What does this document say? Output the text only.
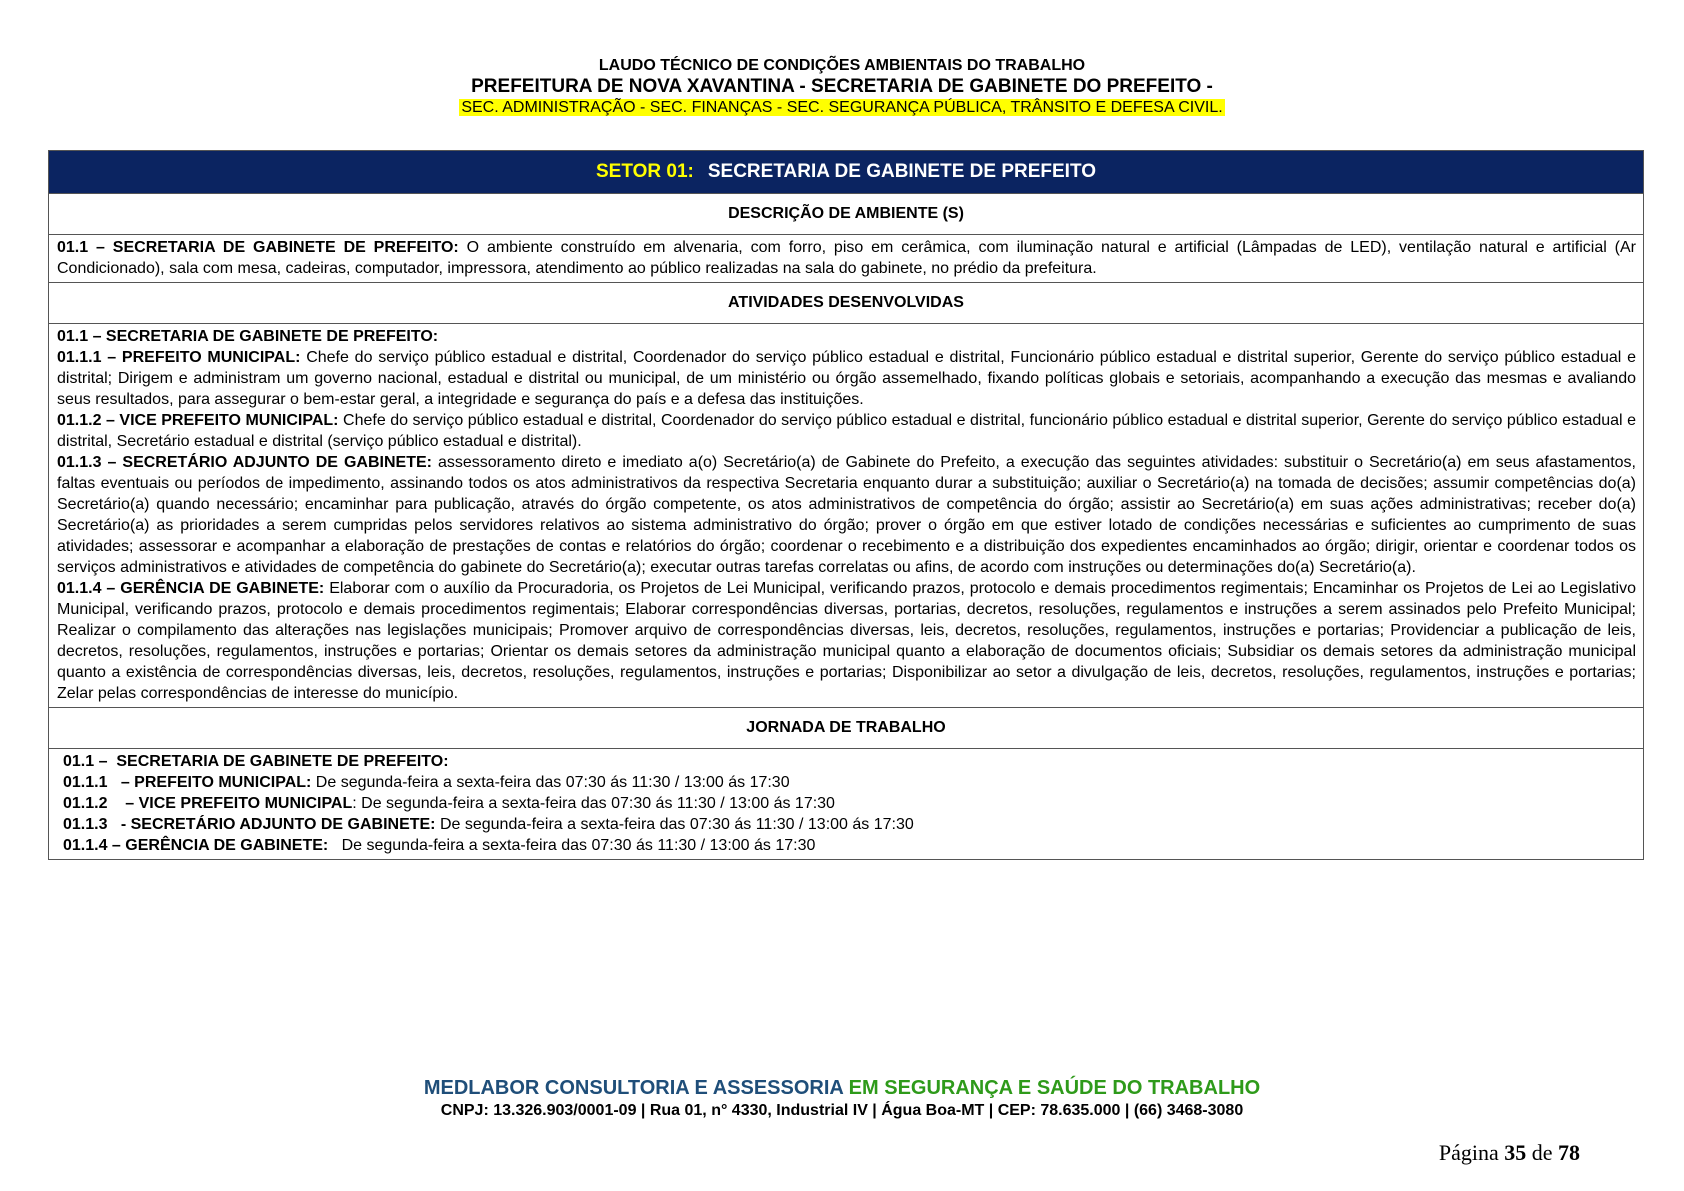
LAUDO TÉCNICO DE CONDIÇÕES AMBIENTAIS DO TRABALHO
PREFEITURA DE NOVA XAVANTINA - SECRETARIA DE GABINETE DO PREFEITO -
SEC. ADMINISTRAÇÃO - SEC. FINANÇAS - SEC. SEGURANÇA PÚBLICA, TRÂNSITO E DEFESA CIVIL.
SETOR 01: SECRETARIA DE GABINETE DE PREFEITO
DESCRIÇÃO DE AMBIENTE (S)

01.1 – SECRETARIA DE GABINETE DE PREFEITO: O ambiente construído em alvenaria, com forro, piso em cerâmica, com iluminação natural e artificial (Lâmpadas de LED), ventilação natural e artificial (Ar Condicionado), sala com mesa, cadeiras, computador, impressora, atendimento ao público realizadas na sala do gabinete, no prédio da prefeitura.

ATIVIDADES DESENVOLVIDAS

01.1 – SECRETARIA DE GABINETE DE PREFEITO:

01.1.1 – PREFEITO MUNICIPAL: Chefe do serviço público estadual e distrital, Coordenador do serviço público estadual e distrital, Funcionário público estadual e distrital superior, Gerente do serviço público estadual e distrital; Dirigem e administram um governo nacional, estadual e distrital ou municipal, de um ministério ou órgão assemelhado, fixando políticas globais e setoriais, acompanhando a execução das mesmas e avaliando seus resultados, para assegurar o bem-estar geral, a integridade e segurança do país e a defesa das instituições.

01.1.2 – VICE PREFEITO MUNICIPAL: Chefe do serviço público estadual e distrital, Coordenador do serviço público estadual e distrital, funcionário público estadual e distrital superior, Gerente do serviço público estadual e distrital, Secretário estadual e distrital (serviço público estadual e distrital).

01.1.3 – SECRETÁRIO ADJUNTO DE GABINETE: assessoramento direto e imediato a(o) Secretário(a) de Gabinete do Prefeito, a execução das seguintes atividades: substituir o Secretário(a) em seus afastamentos, faltas eventuais ou períodos de impedimento, assinando todos os atos administrativos da respectiva Secretaria enquanto durar a substituição; auxiliar o Secretário(a) na tomada de decisões; assumir competências do(a) Secretário(a) quando necessário; encaminhar para publicação, através do órgão competente, os atos administrativos de competência do órgão; assistir ao Secretário(a) em suas ações administrativas; receber do(a) Secretário(a) as prioridades a serem cumpridas pelos servidores relativos ao sistema administrativo do órgão; prover o órgão em que estiver lotado de condições necessárias e suficientes ao cumprimento de suas atividades; assessorar e acompanhar a elaboração de prestações de contas e relatórios do órgão; coordenar o recebimento e a distribuição dos expedientes encaminhados ao órgão; dirigir, orientar e coordenar todos os serviços administrativos e atividades de competência do gabinete do Secretário(a); executar outras tarefas correlatas ou afins, de acordo com instruções ou determinações do(a) Secretário(a).

01.1.4 – GERÊNCIA DE GABINETE: Elaborar com o auxílio da Procuradoria, os Projetos de Lei Municipal, verificando prazos, protocolo e demais procedimentos regimentais; Encaminhar os Projetos de Lei ao Legislativo Municipal, verificando prazos, protocolo e demais procedimentos regimentais; Elaborar correspondências diversas, portarias, decretos, resoluções, regulamentos e instruções a serem assinados pelo Prefeito Municipal; Realizar o compilamento das alterações nas legislações municipais; Promover arquivo de correspondências diversas, leis, decretos, resoluções, regulamentos, instruções e portarias; Providenciar a publicação de leis, decretos, resoluções, regulamentos, instruções e portarias; Orientar os demais setores da administração municipal quanto a elaboração de documentos oficiais; Subsidiar os demais setores da administração municipal quanto a existência de correspondências diversas, leis, decretos, resoluções, regulamentos, instruções e portarias; Disponibilizar ao setor a divulgação de leis, decretos, resoluções, regulamentos, instruções e portarias; Zelar pelas correspondências de interesse do município.

JORNADA DE TRABALHO

01.1 –  SECRETARIA DE GABINETE DE PREFEITO:

01.1.1   – PREFEITO MUNICIPAL: De segunda-feira a sexta-feira das 07:30 ás 11:30 / 13:00 ás 17:30

01.1.2    – VICE PREFEITO MUNICIPAL: De segunda-feira a sexta-feira das 07:30 ás 11:30 / 13:00 ás 17:30

01.1.3   - SECRETÁRIO ADJUNTO DE GABINETE: De segunda-feira a sexta-feira das 07:30 ás 11:30 / 13:00 ás 17:30

01.1.4 – GERÊNCIA DE GABINETE:   De segunda-feira a sexta-feira das 07:30 ás 11:30 / 13:00 ás 17:30

MEDLABOR CONSULTORIA E ASSESSORIA EM SEGURANÇA E SAÚDE DO TRABALHO
CNPJ: 13.326.903/0001-09 | Rua 01, n° 4330, Industrial IV | Água Boa-MT | CEP: 78.635.000 | (66) 3468-3080
Página 35 de 78
